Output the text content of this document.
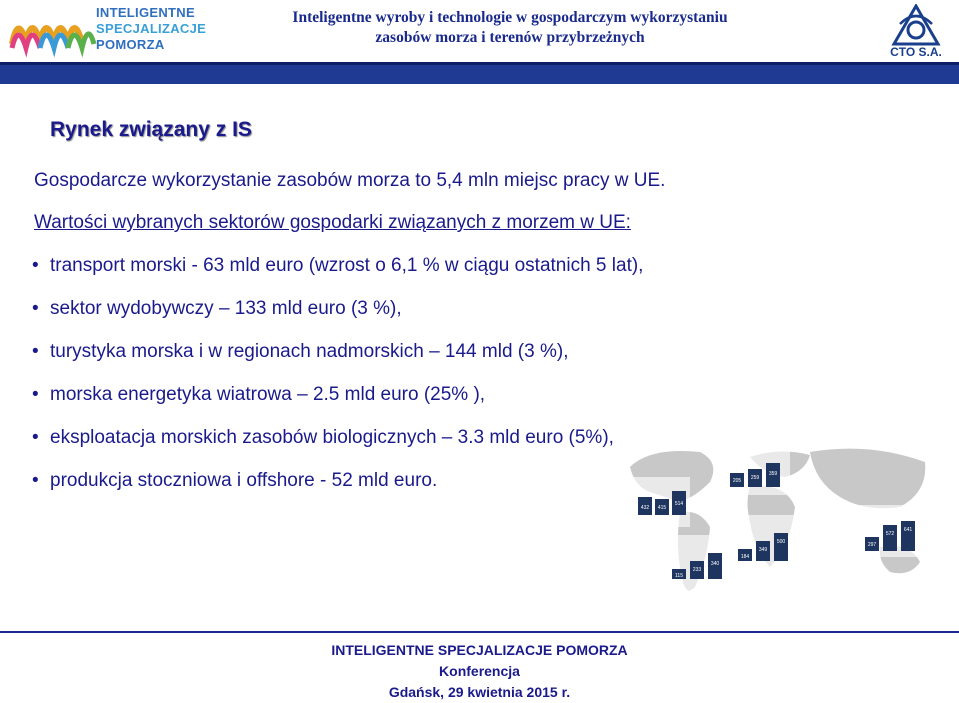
INTELIGENTNE
SPECJALIZACJE
POMORZA
Inteligentne wyroby i technologie w gospodarczym wykorzystaniu
zasobów morza i terenów przybrzeżnych
CTO S.A.
Rynek związany z IS
Gospodarcze wykorzystanie zasobów morza to 5,4 mln miejsc pracy w UE.
Wartości wybranych sektorów gospodarki związanych z morzem w UE:
• transport morski - 63 mld euro (wzrost o 6,1 % w ciągu ostatnich 5 lat),
• sektor wydobywczy – 133 mld euro (3 %),
• turystyka morska i w regionach nadmorskich – 144 mld (3 %),
• morska energetyka wiatrowa – 2.5 mld euro (25% ),
• eksploatacja morskich zasobów biologicznych – 3.3 mld euro (5%),
• produkcja stoczniowa i offshore - 52 mld euro.
432 415
514
205 259
359
115
233
340
184
349
500	297
572
641
INTELIGENTNE SPECJALIZACJE POMORZA
Konferencja
Gdańsk, 29 kwietnia 2015 r.
